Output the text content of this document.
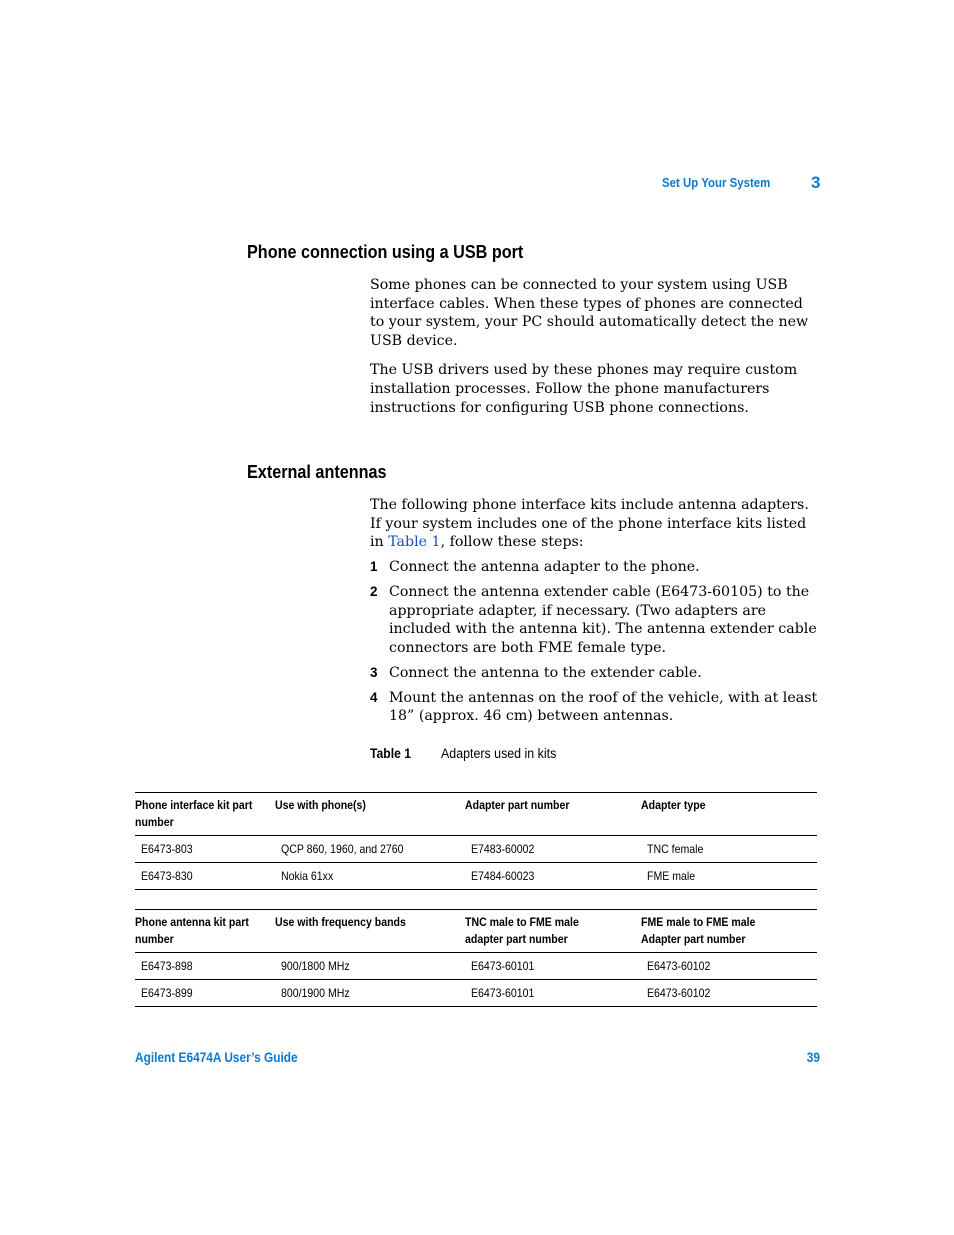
Set Up Your System 3
Phone connection using a USB port

Some phones can be connected to your system using USB interface cables. When these types of phones are connected to your system, your PC should automatically detect the new USB device.

The USB drivers used by these phones may require custom installation processes. Follow the phone manufacturers instructions for configuring USB phone connections.

External antennas

The following phone interface kits include antenna adapters. If your system includes one of the phone interface kits listed in Table 1, follow these steps:

1 Connect the antenna adapter to the phone.
2 Connect the antenna extender cable (E6473-60105) to the appropriate adapter, if necessary. (Two adapters are included with the antenna kit). The antenna extender cable connectors are both FME female type.
3 Connect the antenna to the extender cable.
4 Mount the antennas on the roof of the vehicle, with at least 18” (approx. 46 cm) between antennas.
Table 1 Adapters used in kits
Phone interface kit part number	Use with phone(s)	Adapter part number	Adapter type
E6473-803	QCP 860, 1960, and 2760	E7483-60002	TNC female
E6473-830	Nokia 61xx	E7484-60023	FME male
Phone antenna kit part number	Use with frequency bands	TNC male to FME male adapter part number	FME male to FME male Adapter part number
E6473-898	900/1800 MHz	E6473-60101	E6473-60102
E6473-899	800/1900 MHz	E6473-60101	E6473-60102
Agilent E6474A User’s Guide	39
